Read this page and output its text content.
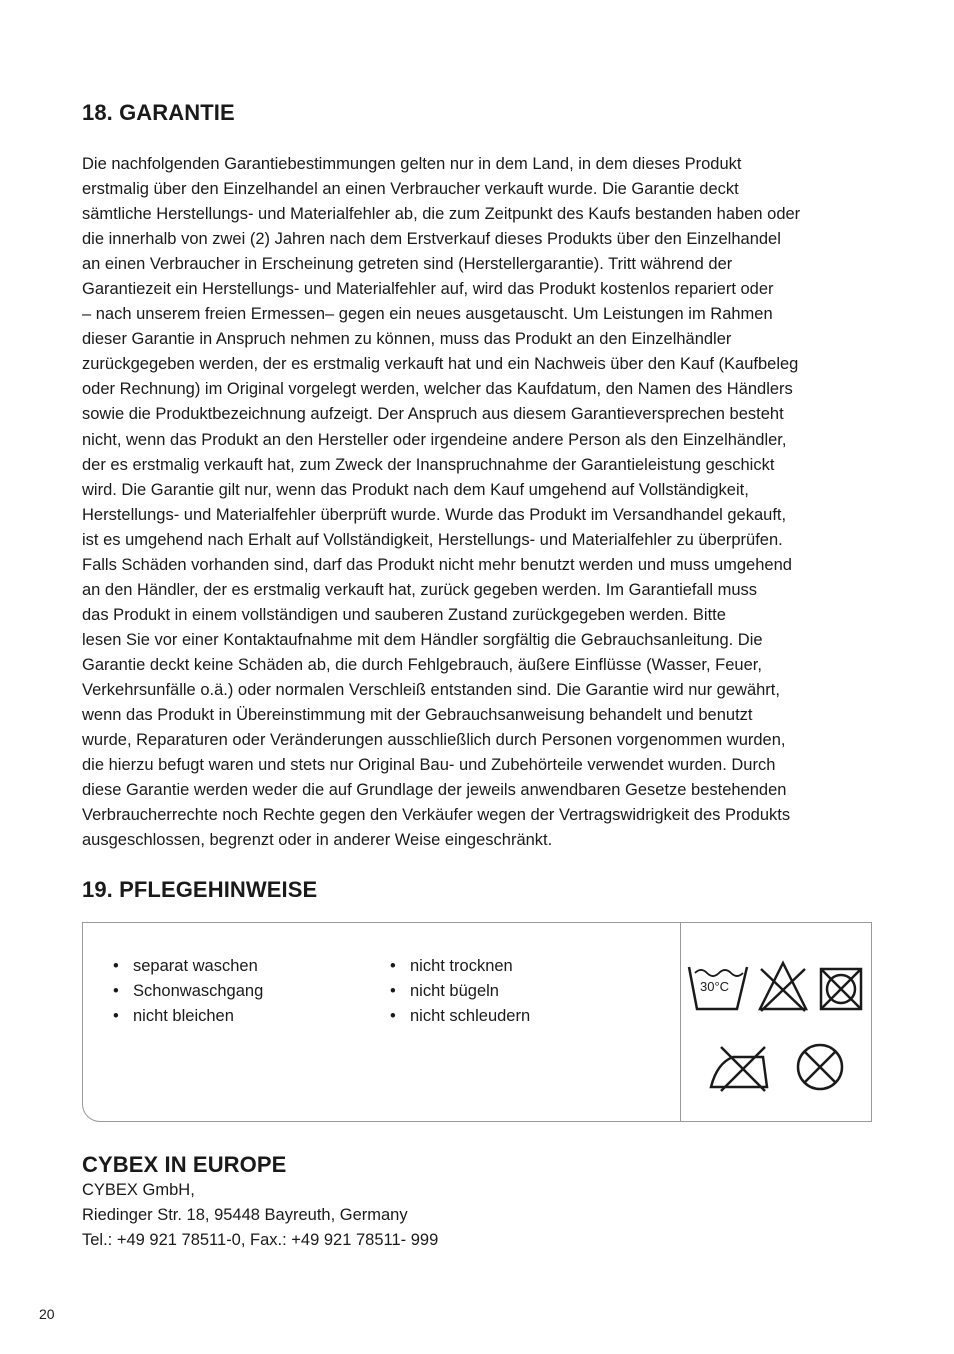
18. GARANTIE
Die nachfolgenden Garantiebestimmungen gelten nur in dem Land, in dem dieses Produkt
erstmalig über den Einzelhandel an einen Verbraucher verkauft wurde. Die Garantie deckt
sämtliche Herstellungs- und Materialfehler ab, die zum Zeitpunkt des Kaufs bestanden haben oder
die innerhalb von zwei (2) Jahren nach dem Erstverkauf dieses Produkts über den Einzelhandel
an einen Verbraucher in Erscheinung getreten sind (Herstellergarantie). Tritt während der
Garantiezeit ein Herstellungs- und Materialfehler auf, wird das Produkt kostenlos repariert oder
– nach unserem freien Ermessen– gegen ein neues ausgetauscht. Um Leistungen im Rahmen
dieser Garantie in Anspruch nehmen zu können, muss das Produkt an den Einzelhändler
zurückgegeben werden, der es erstmalig verkauft hat und ein Nachweis über den Kauf (Kaufbeleg
oder Rechnung) im Original vorgelegt werden, welcher das Kaufdatum, den Namen des Händlers
sowie die Produktbezeichnung aufzeigt. Der Anspruch aus diesem Garantieversprechen besteht
nicht, wenn das Produkt an den Hersteller oder irgendeine andere Person als den Einzelhändler,
der es erstmalig verkauft hat, zum Zweck der Inanspruchnahme der Garantieleistung geschickt
wird. Die Garantie gilt nur, wenn das Produkt nach dem Kauf umgehend auf Vollständigkeit,
Herstellungs- und Materialfehler überprüft wurde. Wurde das Produkt im Versandhandel gekauft,
ist es umgehend nach Erhalt auf Vollständigkeit, Herstellungs- und Materialfehler zu überprüfen.
Falls Schäden vorhanden sind, darf das Produkt nicht mehr benutzt werden und muss umgehend
an den Händler, der es erstmalig verkauft hat, zurück gegeben werden. Im Garantiefall muss
das Produkt in einem vollständigen und sauberen Zustand zurückgegeben werden. Bitte
lesen Sie vor einer Kontaktaufnahme mit dem Händler sorgfältig die Gebrauchsanleitung. Die
Garantie deckt keine Schäden ab, die durch Fehlgebrauch, äußere Einflüsse (Wasser, Feuer,
Verkehrsunfälle o.ä.) oder normalen Verschleiß entstanden sind. Die Garantie wird nur gewährt,
wenn das Produkt in Übereinstimmung mit der Gebrauchsanweisung behandelt und benutzt
wurde, Reparaturen oder Veränderungen ausschließlich durch Personen vorgenommen wurden,
die hierzu befugt waren und stets nur Original Bau- und Zubehörteile verwendet wurden. Durch
diese Garantie werden weder die auf Grundlage der jeweils anwendbaren Gesetze bestehenden
Verbraucherrechte noch Rechte gegen den Verkäufer wegen der Vertragswidrigkeit des Produkts
ausgeschlossen, begrenzt oder in anderer Weise eingeschränkt.
19. PFLEGEHINWEISE
• separat waschen
• Schonwaschgang
• nicht bleichen
• nicht trocknen
• nicht bügeln
• nicht schleudern
30°C
CYBEX IN EUROPE
CYBEX GmbH,
Riedinger Str. 18, 95448 Bayreuth, Germany
Tel.: +49 921 78511-0, Fax.: +49 921 78511- 999
20
